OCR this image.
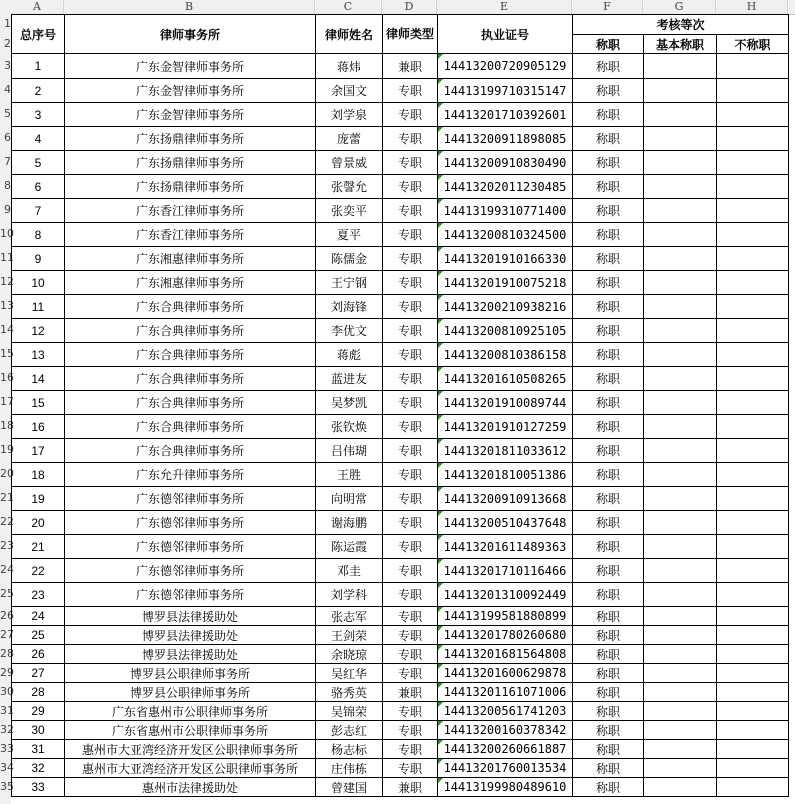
A	B	C	D	E	F	G	H
1
2
3
4
5
6
7
8
9
10
11
12
13
14
15
16
17
18
19
20
21
22
23
24
25
26
27
28
29
30
31
32
33
34
35
总序号	律师事务所	律师姓名	律师类型	执业证号	考核等次		
					称职	基本称职	不称职
1	广东金智律师事务所	蒋炜	兼职	14413200720905129	称职		
2	广东金智律师事务所	余国文	专职	14413199710315147	称职		
3	广东金智律师事务所	刘学泉	专职	14413201710392601	称职		
4	广东扬鼎律师事务所	庞蕾	专职	14413200911898085	称职		
5	广东扬鼎律师事务所	曾景威	专职	14413200910830490	称职		
6	广东扬鼎律师事务所	张謦允	专职	14413202011230485	称职		
7	广东香江律师事务所	张奕平	专职	14413199310771400	称职		
8	广东香江律师事务所	夏平	专职	14413200810324500	称职		
9	广东湘惠律师事务所	陈儒金	专职	14413201910166330	称职		
10	广东湘惠律师事务所	王宁钢	专职	14413201910075218	称职		
11	广东合典律师事务所	刘海锋	专职	14413200210938216	称职		
12	广东合典律师事务所	李优文	专职	14413200810925105	称职		
13	广东合典律师事务所	蒋彪	专职	14413200810386158	称职		
14	广东合典律师事务所	蓝进友	专职	14413201610508265	称职		
15	广东合典律师事务所	吴梦凯	专职	14413201910089744	称职		
16	广东合典律师事务所	张钦焕	专职	14413201910127259	称职		
17	广东合典律师事务所	吕伟瑚	专职	14413201811033612	称职		
18	广东允升律师事务所	王胜	专职	14413201810051386	称职		
19	广东德邻律师事务所	向明常	专职	14413200910913668	称职		
20	广东德邻律师事务所	谢海鹏	专职	14413200510437648	称职		
21	广东德邻律师事务所	陈运霞	专职	14413201611489363	称职		
22	广东德邻律师事务所	邓圭	专职	14413201710116466	称职		
23	广东德邻律师事务所	刘学科	专职	14413201310092449	称职		
24	博罗县法律援助处	张志军	专职	14413199581880899	称职		
25	博罗县法律援助处	王剑荣	专职	14413201780260680	称职		
26	博罗县法律援助处	余晓琼	专职	14413201681564808	称职		
27	博罗县公职律师事务所	吴红华	专职	14413201600629878	称职		
28	博罗县公职律师事务所	骆秀英	兼职	14413201161071006	称职		
29	广东省惠州市公职律师事务所	吴锦荣	专职	14413200561741203	称职		
30	广东省惠州市公职律师事务所	彭志红	专职	14413200160378342	称职		
31	惠州市大亚湾经济开发区公职律师事务所	杨志标	专职	14413200260661887	称职		
32	惠州市大亚湾经济开发区公职律师事务所	庄伟栋	专职	14413201760013534	称职		
33	惠州市法律援助处	曾建国	兼职	14413199980489610	称职		
